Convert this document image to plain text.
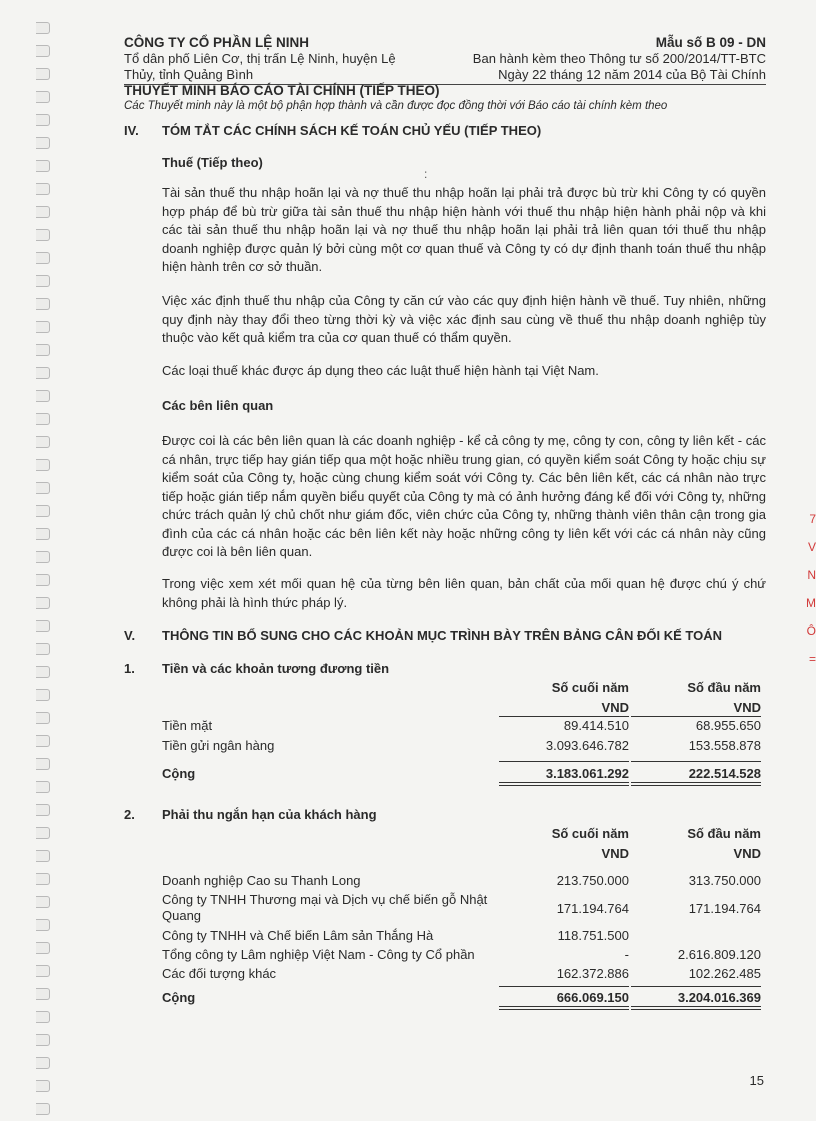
7
V
N
M
Ô
=
CÔNG TY CỔ PHẦN LỆ NINH
Tổ dân phố Liên Cơ, thị trấn Lệ Ninh, huyện Lệ
Thủy, tỉnh Quảng Bình
Mẫu số B 09 - DN
Ban hành kèm theo Thông tư số 200/2014/TT-BTC
Ngày 22 tháng 12 năm 2014 của Bộ Tài Chính
THUYẾT MINH BÁO CÁO TÀI CHÍNH (TIẾP THEO)
Các Thuyết minh này là một bộ phận hợp thành và cần được đọc đồng thời với Báo cáo tài chính kèm theo
IV. TÓM TẮT CÁC CHÍNH SÁCH KẾ TOÁN CHỦ YẾU (TIẾP THEO)
Thuế (Tiếp theo)
:
Tài sản thuế thu nhập hoãn lại và nợ thuế thu nhập hoãn lại phải trả được bù trừ khi Công ty có quyền hợp pháp để bù trừ giữa tài sản thuế thu nhập hiện hành với thuế thu nhập hiện hành phải nộp và khi các tài sản thuế thu nhập hoãn lại và nợ thuế thu nhập hoãn lại phải trả liên quan tới thuế thu nhập doanh nghiệp được quản lý bởi cùng một cơ quan thuế và Công ty có dự định thanh toán thuế thu nhập hiện hành trên cơ sở thuần.
Việc xác định thuế thu nhập của Công ty căn cứ vào các quy định hiện hành về thuế. Tuy nhiên, những quy định này thay đổi theo từng thời kỳ và việc xác định sau cùng về thuế thu nhập doanh nghiệp tùy thuộc vào kết quả kiểm tra của cơ quan thuế có thẩm quyền.
Các loại thuế khác được áp dụng theo các luật thuế hiện hành tại Việt Nam.
Các bên liên quan
Được coi là các bên liên quan là các doanh nghiệp - kể cả công ty mẹ, công ty con, công ty liên kết - các cá nhân, trực tiếp hay gián tiếp qua một hoặc nhiều trung gian, có quyền kiểm soát Công ty hoặc chịu sự kiểm soát của Công ty, hoặc cùng chung kiểm soát với Công ty. Các bên liên kết, các cá nhân nào trực tiếp hoặc gián tiếp nắm quyền biểu quyết của Công ty mà có ảnh hưởng đáng kể đối với Công ty, những chức trách quản lý chủ chốt như giám đốc, viên chức của Công ty, những thành viên thân cận trong gia đình của các cá nhân hoặc các bên liên kết này hoặc những công ty liên kết với các cá nhân này cũng được coi là bên liên quan.
Trong việc xem xét mối quan hệ của từng bên liên quan, bản chất của mối quan hệ được chú ý chứ không phải là hình thức pháp lý.
V. THÔNG TIN BỔ SUNG CHO CÁC KHOẢN MỤC TRÌNH BÀY TRÊN BẢNG CÂN ĐỐI KẾ TOÁN
1. Tiền và các khoản tương đương tiền
Số cuối năm	Số đầu năm
VND	VND
Tiền mặt	89.414.510	68.955.650
Tiền gửi ngân hàng	3.093.646.782	153.558.878
Cộng	3.183.061.292	222.514.528
2. Phải thu ngắn hạn của khách hàng
Số cuối năm	Số đầu năm
VND	VND
Doanh nghiệp Cao su Thanh Long	213.750.000	313.750.000
Công ty TNHH Thương mại và Dịch vụ chế biến gỗ Nhật Quang	171.194.764	171.194.764
Công ty TNHH và Chế biến Lâm sản Thắng Hà	118.751.500
Tổng công ty Lâm nghiệp Việt Nam - Công ty Cổ phần	-	2.616.809.120
Các đối tượng khác	162.372.886	102.262.485
Cộng	666.069.150	3.204.016.369
15
